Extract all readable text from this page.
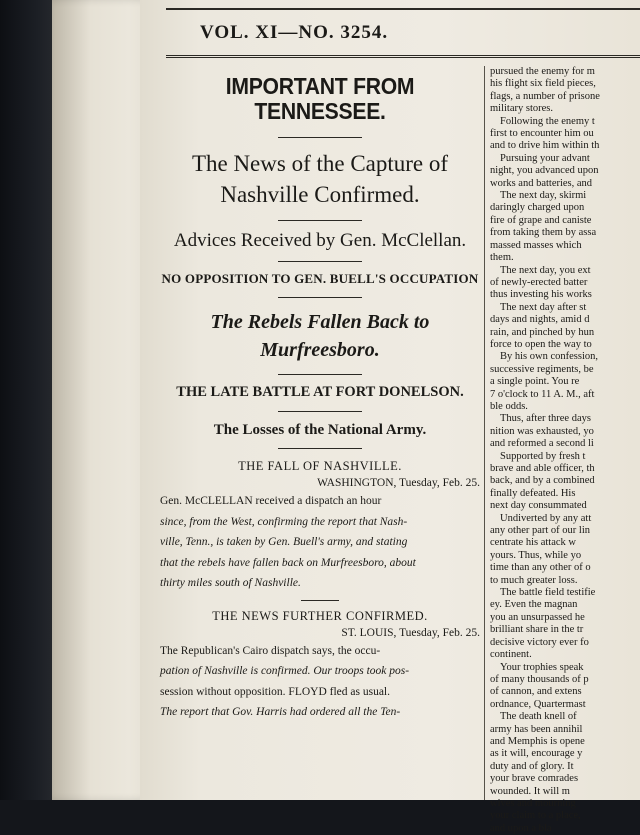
VOL. XI—NO. 3254.

IMPORTANT FROM TENNESSEE.

The News of the Capture of

Nashville Confirmed.

Advices Received by Gen. McClellan.

NO OPPOSITION TO GEN. BUELL'S OCCUPATION

The Rebels Fallen Back to

Murfreesboro.

THE LATE BATTLE AT FORT DONELSON.

The Losses of the National Army.

THE FALL OF NASHVILLE.

WASHINGTON, Tuesday, Feb. 25.

Gen. McCLELLAN received a dispatch an hour
since, from the West, confirming the report that Nash-
ville, Tenn., is taken by Gen. Buell's army, and stating
that the rebels have fallen back on Murfreesboro, about
thirty miles south of Nashville.

THE NEWS FURTHER CONFIRMED.

ST. LOUIS, Tuesday, Feb. 25.

The Republican's Cairo dispatch says, the occu-
pation of Nashville is confirmed. Our troops took pos-
session without opposition. FLOYD fled as usual.
The report that Gov. Harris had ordered all the Ten-

pursued the enemy for m

his flight six field pieces,

flags, a number of prisone

military stores.

Following the enemy t

first to encounter him ou

and to drive him within th

Pursuing your advant

night, you advanced upon

works and batteries, and

The next day, skirmi

daringly charged upon

fire of grape and caniste

from taking them by assa

massed masses which

them.

The next day, you ext

of newly-erected batter

thus investing his works

The next day after st

days and nights, amid d

rain, and pinched by hun

force to open the way to

By his own confession,

successive regiments, be

a single point. You re

7 o'clock to 11 A. M., aft

ble odds.

Thus, after three days

nition was exhausted, yo

and reformed a second li

Supported by fresh t

brave and able officer, th

back, and by a combined

finally defeated. His

next day consummated

Undiverted by any att

any other part of our lin

centrate his attack w

yours. Thus, while yo

time than any other of o

to much greater loss.

The battle field testifie

ey. Even the magnan

you an unsurpassed he

brilliant share in the tr

decisive victory ever fo

continent.

Your trophies speak

of many thousands of p

of cannon, and extens

ordnance, Quartermast

The death knell of

army has been annihil

and Memphis is opene

as it will, encourage y

duty and of glory. It

your brave comrades

wounded. It will m

wives and mourning

your claim to a place,

and upon a bla
